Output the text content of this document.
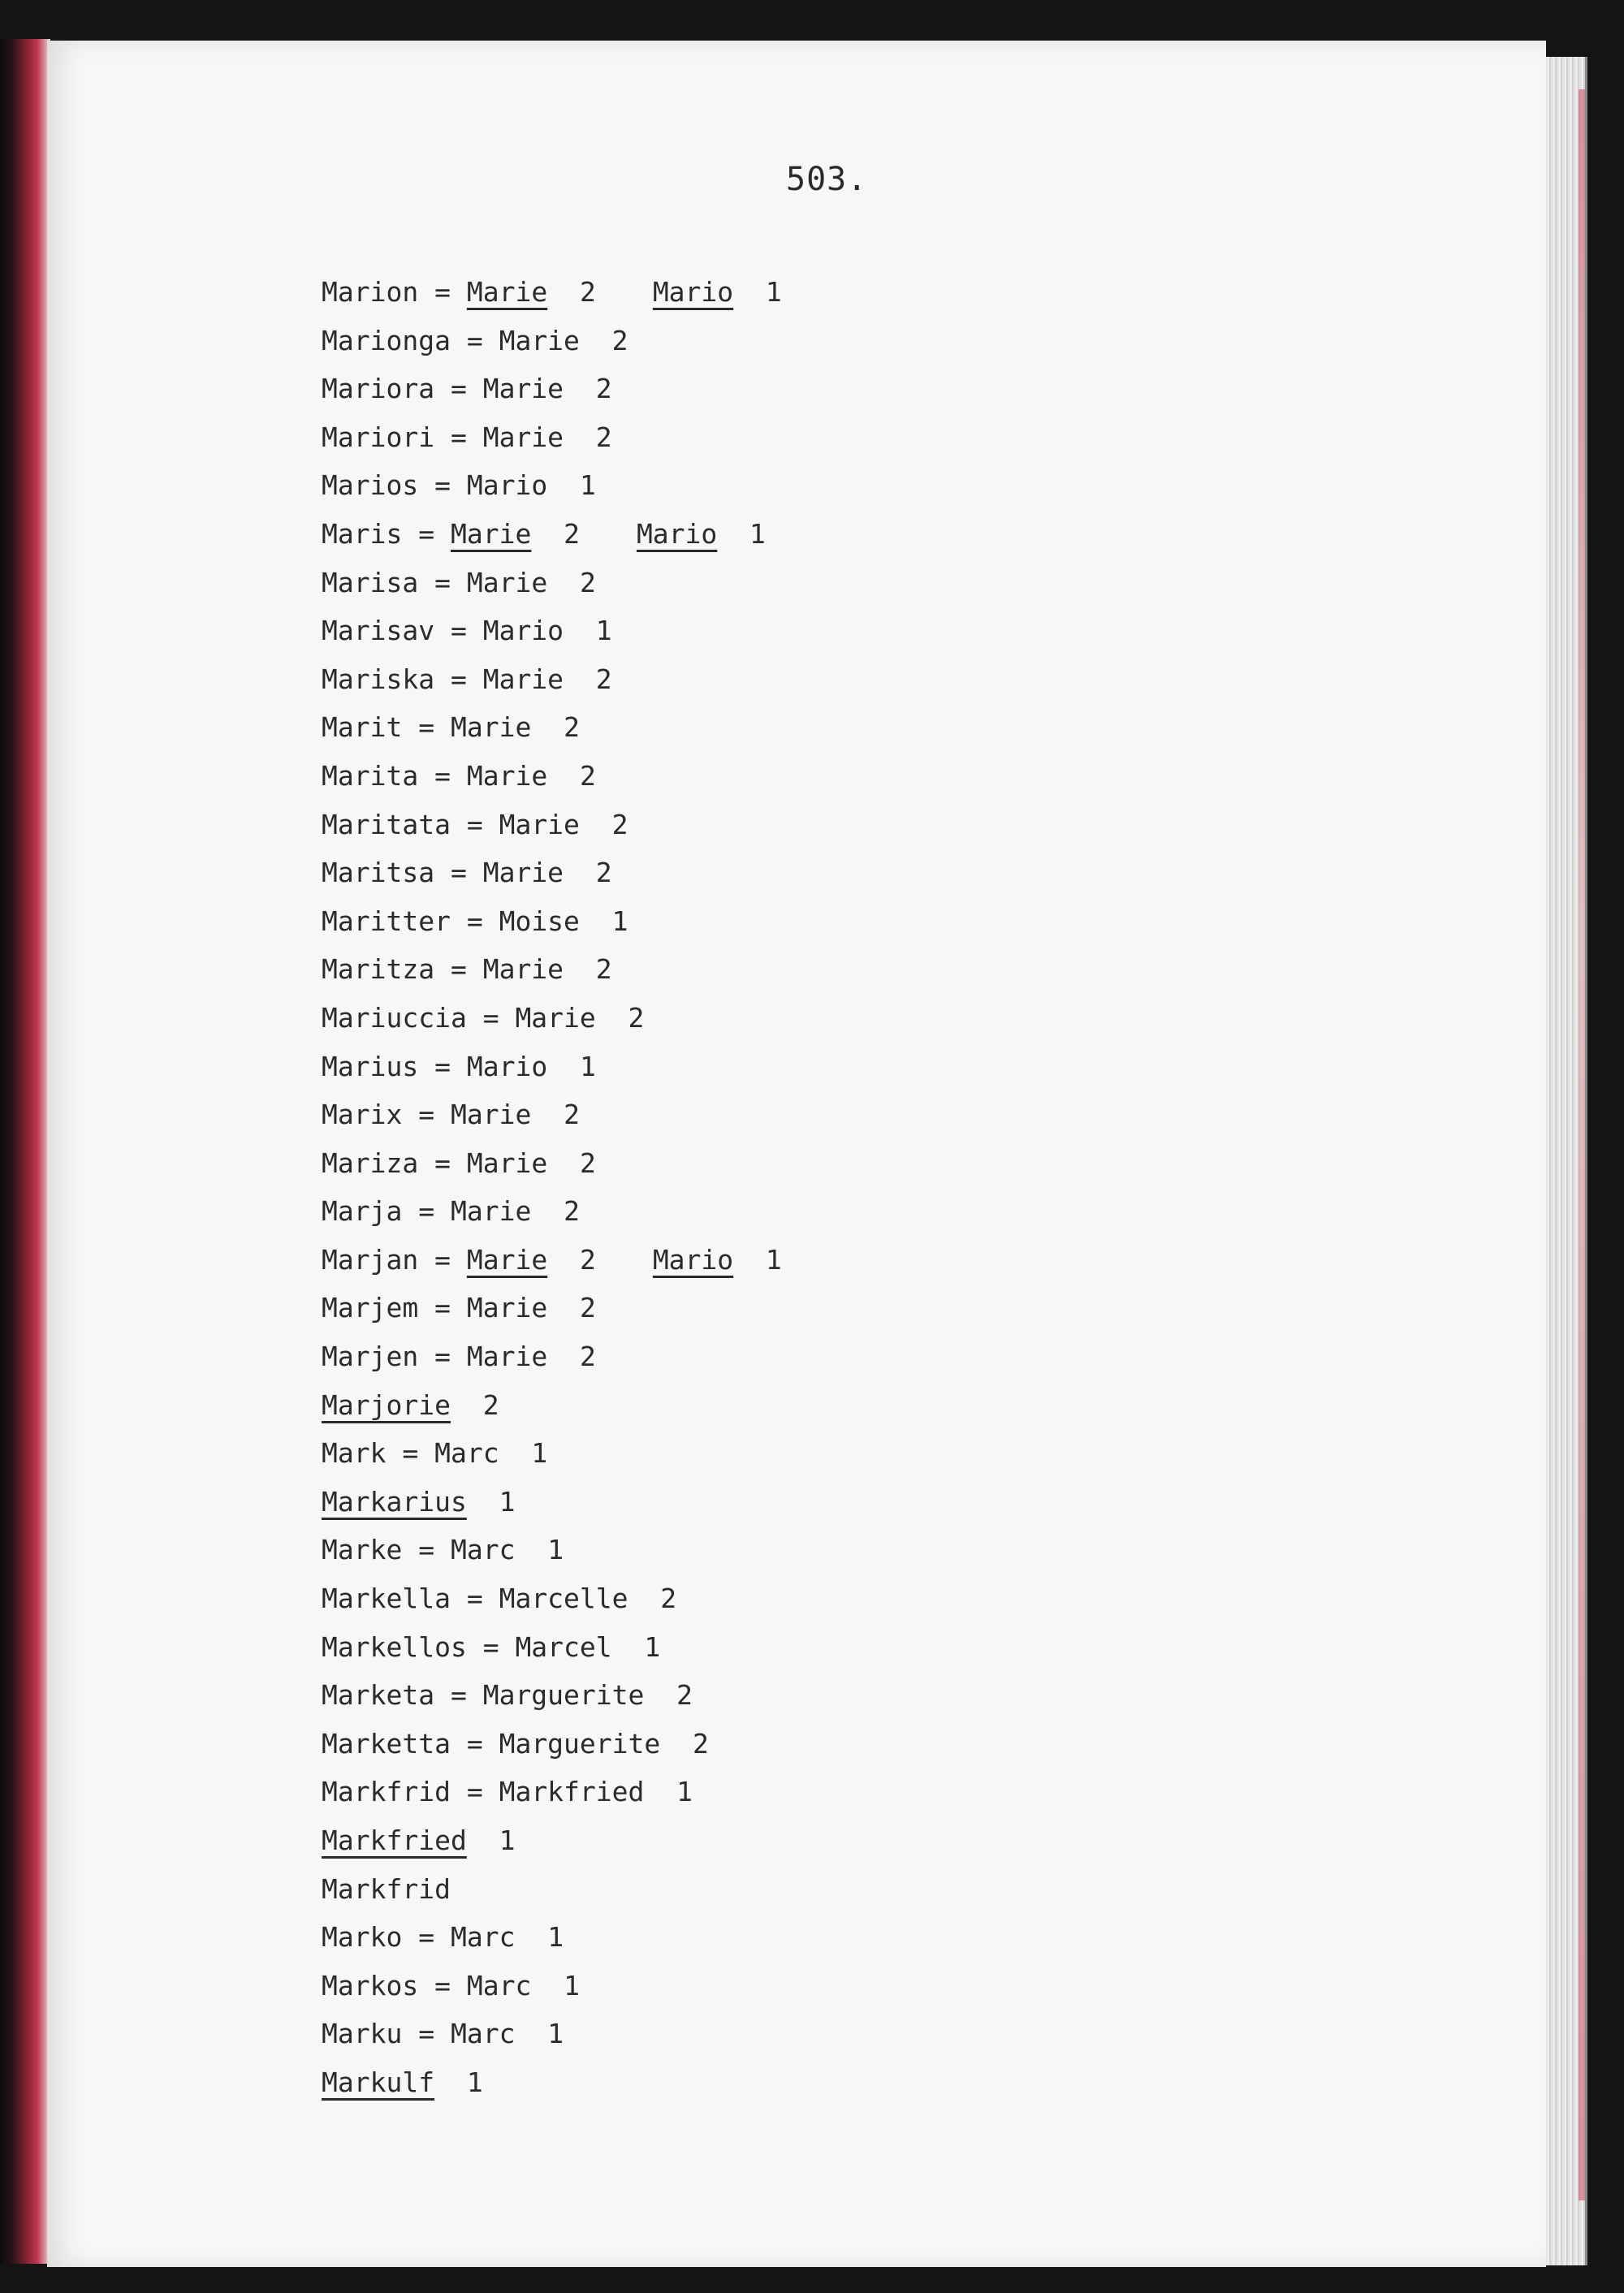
503.
Marion = Marie 2 Mario 1
Marionga = Marie 2
Mariora = Marie 2
Mariori = Marie 2
Marios = Mario 1
Maris = Marie 2 Mario 1
Marisa = Marie 2
Marisav = Mario 1
Mariska = Marie 2
Marit = Marie 2
Marita = Marie 2
Maritata = Marie 2
Maritsa = Marie 2
Maritter = Moise 1
Maritza = Marie 2
Mariuccia = Marie 2
Marius = Mario 1
Marix = Marie 2
Mariza = Marie 2
Marja = Marie 2
Marjan = Marie 2 Mario 1
Marjem = Marie 2
Marjen = Marie 2
Marjorie 2
Mark = Marc 1
Markarius 1
Marke = Marc 1
Markella = Marcelle 2
Markellos = Marcel 1
Marketa = Marguerite 2
Marketta = Marguerite 2
Markfrid = Markfried 1
Markfried 1
Markfrid
Marko = Marc 1
Markos = Marc 1
Marku = Marc 1
Markulf 1
